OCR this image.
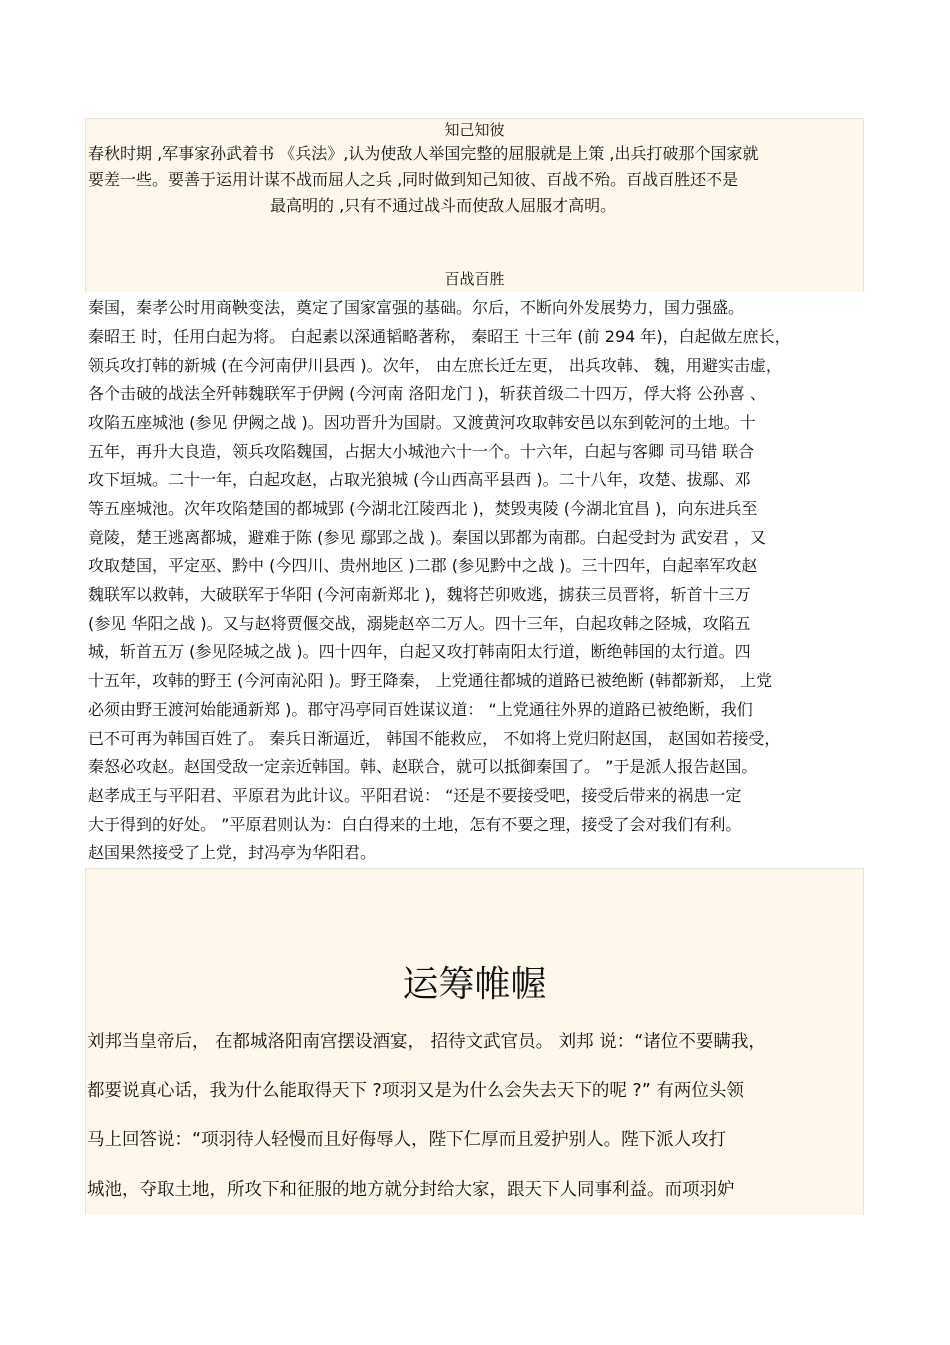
知己知彼
春秋时期 ,军事家孙武着书 《兵法》,认为使敌人举国完整的屈服就是上策 ,出兵打破那个国家就
要差一些。要善于运用计谋不战而屈人之兵 ,同时做到知己知彼、百战不殆。百战百胜还不是
最高明的 ,只有不通过战斗而使敌人屈服才高明。
百战百胜
秦国，秦孝公时用商鞅变法，奠定了国家富强的基础。尔后，不断向外发展势力，国力强盛。
秦昭王 时，任用白起为将。 白起素以深通韬略著称， 秦昭王 十三年 (前 294 年)，白起做左庶长，
领兵攻打韩的新城 (在今河南伊川县西 )。次年， 由左庶长迁左更， 出兵攻韩、 魏，用避实击虚，
各个击破的战法全歼韩魏联军于伊阙 (今河南 洛阳龙门 )，斩获首级二十四万，俘大将 公孙喜 、
攻陷五座城池 (参见 伊阙之战 )。因功晋升为国尉。又渡黄河攻取韩安邑以东到乾河的土地。十
五年，再升大良造，领兵攻陷魏国，占据大小城池六十一个。十六年，白起与客卿 司马错 联合
攻下垣城。二十一年，白起攻赵，占取光狼城 (今山西高平县西 )。二十八年，攻楚、拔鄢、邓
等五座城池。次年攻陷楚国的都城郢 (今湖北江陵西北 )，焚毁夷陵 (今湖北宜昌 )，向东进兵至
竟陵，楚王逃离都城，避难于陈 (参见 鄢郢之战 )。秦国以郢都为南郡。白起受封为 武安君 ，又
攻取楚国，平定巫、黔中 (今四川、贵州地区 )二郡 (参见黔中之战 )。三十四年，白起率军攻赵
魏联军以救韩，大破联军于华阳 (今河南新郑北 )，魏将芒卯败逃，掳获三员晋将，斩首十三万
(参见 华阳之战 )。又与赵将贾偃交战，溺毙赵卒二万人。四十三年，白起攻韩之陉城，攻陷五
城，斩首五万 (参见陉城之战 )。四十四年，白起又攻打韩南阳太行道，断绝韩国的太行道。四
十五年，攻韩的野王 (今河南沁阳 )。野王降秦， 上党通往都城的道路已被绝断 (韩都新郑， 上党
必须由野王渡河始能通新郑 )。郡守冯亭同百姓谋议道： “上党通往外界的道路已被绝断，我们
已不可再为韩国百姓了。 秦兵日渐逼近， 韩国不能救应， 不如将上党归附赵国， 赵国如若接受，
秦怒必攻赵。赵国受敌一定亲近韩国。韩、赵联合，就可以抵御秦国了。 ”于是派人报告赵国。
赵孝成王与平阳君、平原君为此计议。平阳君说： “还是不要接受吧，接受后带来的祸患一定
大于得到的好处。 ”平原君则认为：白白得来的土地，怎有不要之理，接受了会对我们有利。
赵国果然接受了上党，封冯亭为华阳君。
运筹帷幄
刘邦当皇帝后， 在都城洛阳南宫摆设酒宴， 招待文武官员。 刘邦 说：“诸位不要瞒我，
都要说真心话，我为什么能取得天下 ?项羽又是为什么会失去天下的呢 ?” 有两位头领
马上回答说：“项羽待人轻慢而且好侮辱人，陛下仁厚而且爱护别人。陛下派人攻打
城池，夺取土地，所攻下和征服的地方就分封给大家，跟天下人同事利益。而项羽妒
